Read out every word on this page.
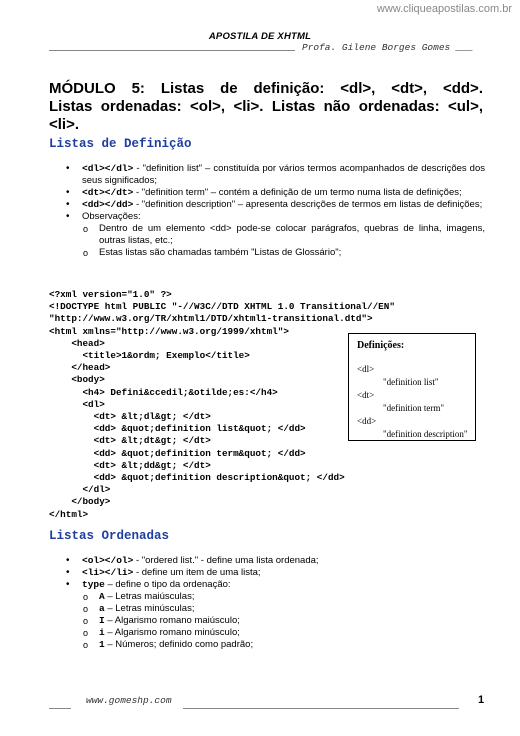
www.cliqueapostilas.com.br
APOSTILA DE XHTML
Profa. Gilene Borges Gomes ___
MÓDULO 5: Listas de definição: <dl>, <dt>, <dd>.
Listas ordenadas: <ol>, <li>. Listas não ordenadas: <ul>, <li>.
Listas de Definição
• <dl></dl> - "definition list" – constituída por vários termos acompanhados de descrições dos seus significados;
• <dt></dt> - "definition term" – contém a definição de um termo numa lista de definições;
• <dd></dd> - "definition description" – apresenta descrições de termos em listas de definições;
• Observações:
o Dentro de um elemento <dd> pode-se colocar parágrafos, quebras de linha, imagens, outras listas, etc.;
o Estas listas são chamadas também "Listas de Glossário";
<?xml version="1.0" ?>
<!DOCTYPE html PUBLIC "-//W3C//DTD XHTML 1.0 Transitional//EN"
"http://www.w3.org/TR/xhtml1/DTD/xhtml1-transitional.dtd">
<html xmlns="http://www.w3.org/1999/xhtml">
<head>
<title>1&ordm; Exemplo</title>
</head>
<body>
<h4> Defini&ccedil;&otilde;es:</h4>
<dl>
<dt> &lt;dl&gt; </dt>
<dd> &quot;definition list&quot; </dd>
<dt> &lt;dt&gt; </dt>
<dd> &quot;definition term&quot; </dd>
<dt> &lt;dd&gt; </dt>
<dd> &quot;definition description&quot; </dd>
</dl>
</body>
</html>
Definições:
<dl>
"definition list"
<dt>
"definition term"
<dd>
"definition description"
Listas Ordenadas
• <ol></ol> - "ordered list." - define uma lista ordenada;
• <li></li> - define um item de uma lista;
• type – define o tipo da ordenação:
o A – Letras maiúsculas;
o a – Letras minúsculas;
o I – Algarismo romano maiúsculo;
o i – Algarismo romano minúsculo;
o 1 – Números; definido como padrão;
www.gomeshp.com	1
